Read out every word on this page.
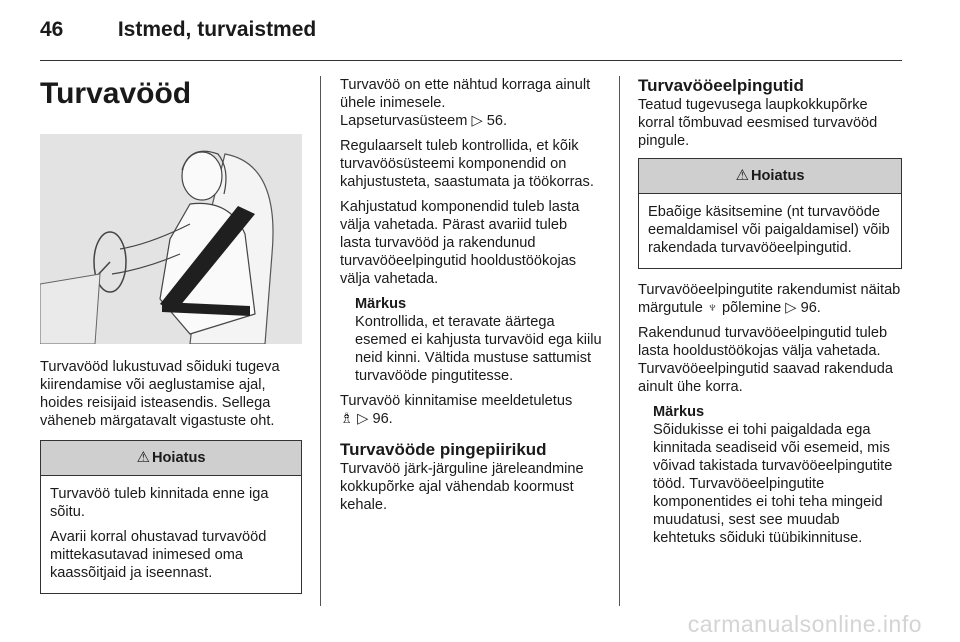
46	Istmed, turvaistmed
Turvavööd

Turvavööd lukustuvad sõiduki tugeva kiirendamise või aeglustamise ajal, hoides reisijaid isteasendis. Sellega väheneb märgatavalt vigastuste oht.

⚠ Hoiatus

Turvavöö tuleb kinnitada enne iga sõitu.

Avarii korral ohustavad turvavööd mittekasutavad inimesed oma kaassõitjaid ja iseennast.

Turvavöö on ette nähtud korraga ainult ühele inimesele.
Lapseturvasüsteem ▷ 56.

Regulaarselt tuleb kontrollida, et kõik turvavöösüsteemi komponendid on kahjustusteta, saastumata ja töökorras.

Kahjustatud komponendid tuleb lasta välja vahetada. Pärast avariid tuleb lasta turvavööd ja rakendunud turvavööeelpingutid hooldustöökojas välja vahetada.

Märkus
Kontrollida, et teravate äärtega esemed ei kahjusta turvavöid ega kiilu neid kinni. Vältida mustuse sattumist turvavööde pingutitesse.

Turvavöö kinnitamise meeldetuletus
♗ ▷ 96.

Turvavööde pingepiirikud

Turvavöö järk-järguline järeleandmine kokkupõrke ajal vähendab koormust kehale.

Turvavööeelpingutid

Teatud tugevusega laupkokkupõrke korral tõmbuvad eesmised turvavööd pingule.

⚠ Hoiatus

Ebaõige käsitsemine (nt turvavööde eemaldamisel või paigaldamisel) võib rakendada turvavööeelpingutid.

Turvavööeelpingutite rakendumist näitab märgutule ♆ põlemine ▷ 96.

Rakendunud turvavööeelpingutid tuleb lasta hooldustöökojas välja vahetada. Turvavööeelpingutid saavad rakenduda ainult ühe korra.

Märkus
Sõidukisse ei tohi paigaldada ega kinnitada seadiseid või esemeid, mis võivad takistada turvavööeelpingutite tööd. Turvavööeelpingutite komponentides ei tohi teha mingeid muudatusi, sest see muudab kehtetuks sõiduki tüübikinnituse.
carmanualsonline.info
